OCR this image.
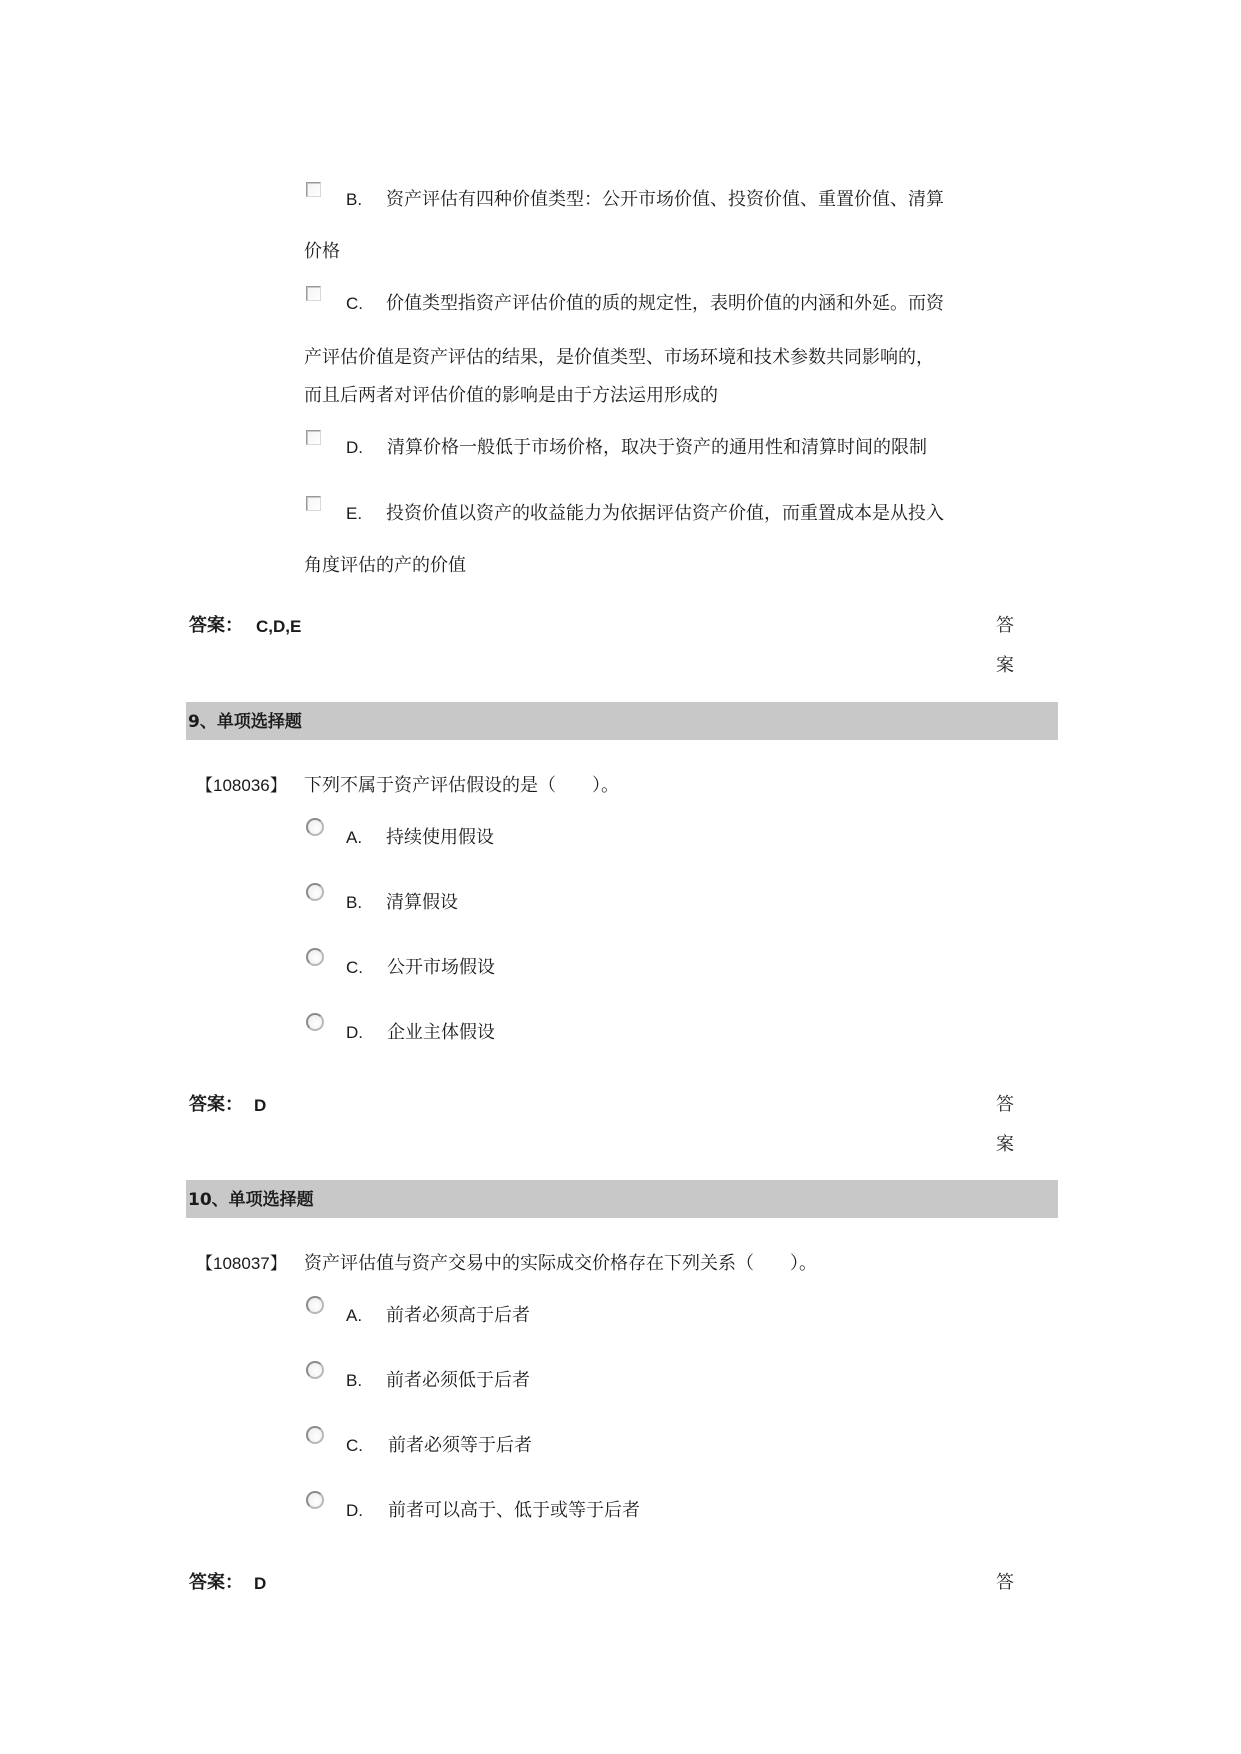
B. 资产评估有四种价值类型：公开市场价值、投资价值、重置价值、清算
价格
C. 价值类型指资产评估价值的质的规定性，表明价值的内涵和外延。而资
产评估价值是资产评估的结果，是价值类型、市场环境和技术参数共同影响的，
而且后两者对评估价值的影响是由于方法运用形成的
D. 清算价格一般低于市场价格，取决于资产的通用性和清算时间的限制
E. 投资价值以资产的收益能力为依据评估资产价值，而重置成本是从投入
角度评估的产的价值
答案： C,D,E	答
案
9、单项选择题
【108036】 下列不属于资产评估假设的是（　　）。
A. 持续使用假设
B. 清算假设
C. 公开市场假设
D. 企业主体假设
答案： D	答
案
10、单项选择题
【108037】 资产评估值与资产交易中的实际成交价格存在下列关系（　　）。
A. 前者必须高于后者
B. 前者必须低于后者
C. 前者必须等于后者
D. 前者可以高于、低于或等于后者
答案： D	答
